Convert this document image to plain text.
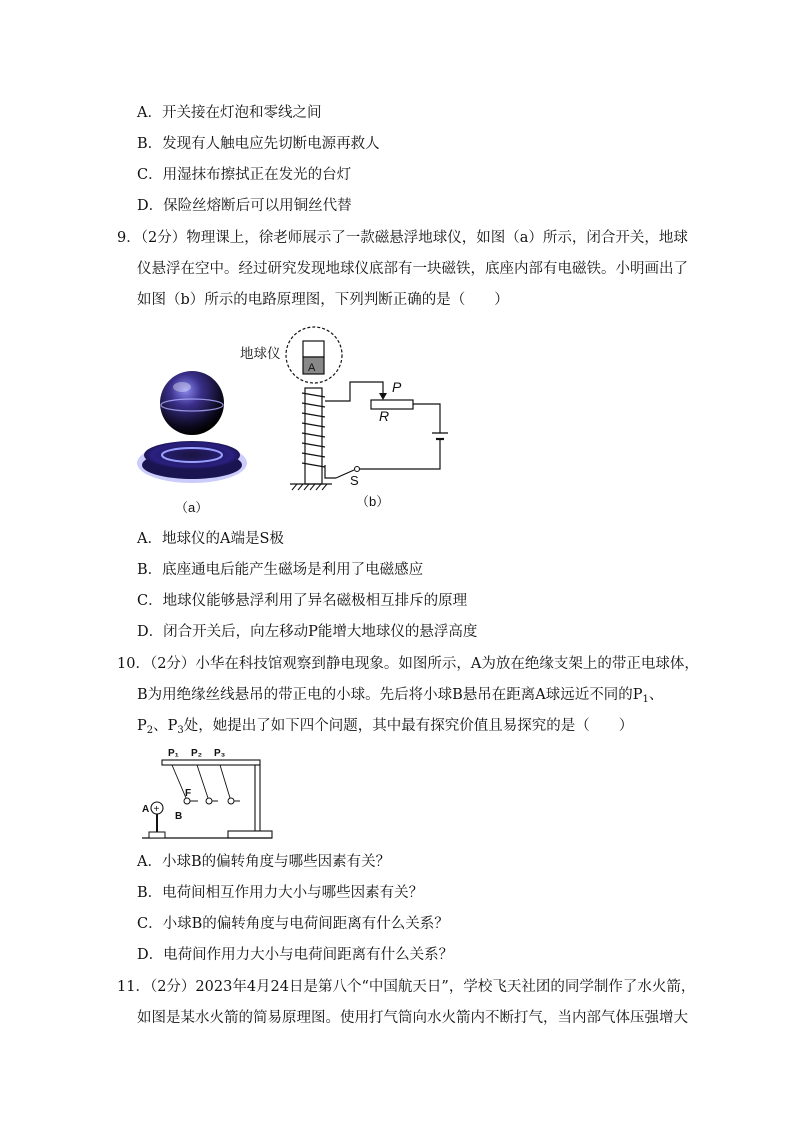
A．开关接在灯泡和零线之间
B．发现有人触电应先切断电源再救人
C．用湿抹布擦拭正在发光的台灯
D．保险丝熔断后可以用铜丝代替
9．（2分）物理课上，徐老师展示了一款磁悬浮地球仪，如图（a）所示，闭合开关，地球
仪悬浮在空中。经过研究发现地球仪底部有一块磁铁，底座内部有电磁铁。小明画出了
如图（b）所示的电路原理图，下列判断正确的是（　　）
（a）
地球仪
A
P
R
S
（b）
A．地球仪的A端是S极
B．底座通电后能产生磁场是利用了电磁感应
C．地球仪能够悬浮利用了异名磁极相互排斥的原理
D．闭合开关后，向左移动P能增大地球仪的悬浮高度
10．（2分）小华在科技馆观察到静电现象。如图所示，A为放在绝缘支架上的带正电球体，
B为用绝缘丝线悬吊的带正电的小球。先后将小球B悬吊在距离A球远近不同的$P_1$、
$P_2$、$P_3$处，她提出了如下四个问题，其中最有探究价值且易探究的是（　　）
P₁ P₂ P₃
F
B
A +
A．小球B的偏转角度与哪些因素有关？
B．电荷间相互作用力大小与哪些因素有关？
C．小球B的偏转角度与电荷间距离有什么关系？
D．电荷间作用力大小与电荷间距离有什么关系？
11．（2分）2023年4月24日是第八个“中国航天日”，学校飞天社团的同学制作了水火箭，
如图是某水火箭的简易原理图。使用打气筒向水火箭内不断打气，当内部气体压强增大
